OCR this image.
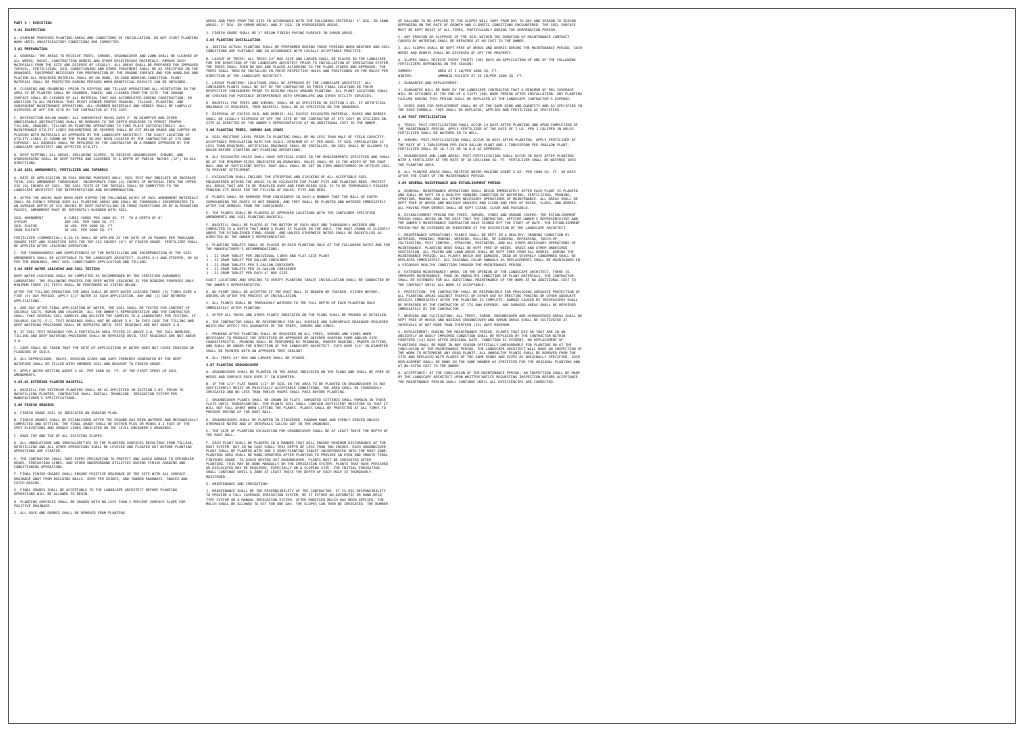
PART 3 - EXECUTION
3.01 INSPECTION
A. EXAMINE PROPOSED PLANTING AREAS AND CONDITIONS OF INSTALLATION. DO NOT START PLANTING WORK UNTIL UNSATISFACTORY CONDITIONS ARE CORRECTED.
3.02 PREPARATION
A. GENERAL: THE AREAS TO RECEIVE TREES, SHRUBS, GROUNDCOVER AND LAWN SHALL BE CLEARED OF ALL WEEDS, ROCKS, CONSTRUCTION DEBRIS AND OTHER DELETERIOUS MATERIALS. REMOVE SUCH MATERIALS FROM THE SITE AND DISPOSE OF LEGALLY. ALL AREAS SHALL BE PREPARED FOR IMPROVED TOPSOIL, FERTILIZING, SOIL CONDITIONING AND OTHER TREATMENT SHALL BE AS SPECIFIED ON THE DRAWINGS. EQUIPMENT NECESSARY FOR PREPARATION OF THE GROUND SURFACE AND FOR HANDLING AND PLACING ALL REQUIRED MATERIAL SHALL BE ON HAND, IN GOOD WORKING CONDITION. PLANT MATERIAL SHALL BE PROTECTED DURING PERIODS WHEN BENEFICIAL RESULTS CAN BE OBTAINED.
B. CLEARING AND GRUBBING: PRIOR TO RIPPING AND TILLAGE OPERATIONS ALL VEGETATION IN THE AREA TO BE PLANTED SHALL BE GRUBBED, RAKED, AND CLEARED FROM THE SITE. THE GROUND SURFACE SHALL BE CLEARED OF ALL MATERIAL THAT HAS ACCUMULATED DURING CONSTRUCTION. IN ADDITION TO ALL MATERIAL THAT MIGHT HINDER PROPER GRADING, TILLAGE, PLANTING, AND SUBSEQUENT MAINTENANCE OPERATIONS. ALL GRUBBED MATERIALS AND DEBRIS SHALL BE LAWFULLY DISPOSED OF OFF THE SITE BY THE CONTRACTOR AT ITS COST.
C. DESTRUCTION BELOW GRADE: ALL SUBSURFACE ROCKS OVER 2" IN DIAMETER AND OTHER UNDESIRABLE OBSTRUCTIONS SHALL BE REMOVED TO THE DEPTH REQUIRED TO PERMIT PROPER TILLING, GRADING, TILLING OR PLANTING OPERATIONS TO TAKE PLACE SATISFACTORILY. ALL MAINTENANCE UTILITY LINES ENCOUNTERED OR SEVERED SHALL BE CUT BELOW GRADE AND CAPPED OR PLUGGED WITH MATERIALS AS APPROVED BY THE LANDSCAPE ARCHITECT. THE EXACT LOCATION OF UTILITY LINES IS SHOWN ON THE PLANS OR MAY BEEN LOCATED BY THE CONTRACTOR AT ITS OWN EXPENSE. ALL DAMAGES SHALL BE REPAIRED BY THE CONTRACTOR IN A MANNER APPROVED BY THE LANDSCAPE ARCHITECT AND AFFECTED UTILITY.
D. DEEP RIPPING: ALL AREAS, INCLUDING SLOPES, TO RECEIVE GROUNDCOVER, SHRUBS, AND HYDROSEEDING SHALL BE DEEP RIPPED AND LOOSENED TO A DEPTH OF TWELVE INCHES (12") IN ALL DIRECTIONS.
3.03 SOIL AMENDMENTS, FERTILIZER AND TOPDRESS
A. RATE OF APPLICATION IN SOIL BORING PURPOSES ONLY, SOIL TEST MAY INDICATE OR INCREASE TOTAL SOIL AMENDMENT THROUGHOUT. INCORPORATE FOUR (4) INCHES OF MATERIAL INTO THE UPPER SIX (6) INCHES OF SOIL. THE SOIL TESTS OF THE TOPSOIL SHALL BE SUBMITTED TO THE LANDSCAPE ARCHITECT FOR INTERPRETATION AND RECOMMENDATION.
B. AFTER THE AREAS HAVE BEEN DEEP RIPPED THE FOLLOWING RATES OF SOIL AMENDMENT MATERIALS SHALL BE EVENLY SPREAD OVER ALL PLANTING AREAS AND SHALL BE THOROUGHLY INCORPORATED TO AN AVERAGE DEPTH OF SIX INCHES BY DEEP ROTOTILLING IN THREE DIRECTIONS OR BY ALTERNATING PASSES. AMENDMENT MUST BE INTIMATELY BLENDED WITH SOIL.
SOIL AMENDMENT          6 CUBIC YARDS PER 1000 SQ. FT. TO A DEPTH OF 6"
GYPSUM                  100 LBS. PER 1000 SQ. FT.
SOIL SULFUR             10 LBS. PER 1000 SQ. FT.
IRON SULFATE            10 LBS. PER 1000 SQ. FT.
FERTILIZER (COMMERCIAL) 6-20-10 SHALL BE APPLIED AT THE RATE OF 20 POUNDS PER THOUSAND SQUARE FEET AND SCARIFIED INTO THE TOP SIX INCHES (6") OF FINISH GRADE. FERTILIZER SHALL BE APPLIED AFTER LEACHING OPERATION.
C. THE THOROUGHNESS AND COMPLETENESS OF THE ROTOTILLING AND INCORPORATION OF THE SOIL AMENDMENTS SHALL BE ACCEPTABLE TO THE LANDSCAPE ARCHITECT. SLOPES 3:1 AND STEEPER, OR AS PER THE DRAWINGS, OMIT SOIL CONDITIONER APPLICATION AND TILLING.
3.04 DEEP WATER LEACHING AND SOIL TESTING
DEEP WATER LEACHING SHALL BE COMPLETED AS RECOMMENDED BY THE CERTIFIED AGRONOMIC LABORATORY. THE FOLLOWING PROCESS FOR DEEP WATER LEACHING IS FOR BIDDING PURPOSES ONLY. MINIMUM THREE (3) TESTS SHALL BE PERFORMED AS STATED BELOW.
AFTER THE TILLING OPERATION THE AREA SHALL BE DEEP WATER LEACHED THREE (3) TIMES OVER A FIVE (5) DAY PERIOD. APPLY 1/2" WATER AT EACH APPLICATION. ANY ONE (1) DAY BETWEEN APPLICATIONS.
A. ONE DAY AFTER FINAL APPLICATION OF WATER, THE SOIL SHALL BE TESTED FOR CONTENT OF SOLUBLE SALTS, BORON AND CHLORIDE. ALL THE OWNER'S REPRESENTATIVE AND THE CONTRACTOR SHALL TAKE SEVERAL SOIL SAMPLES AND DELIVER THE SAMPLES TO A LABORATORY FOR TESTING. IF SOLUBLE SALTS, E.C. TEST READINGS SHALL NOT BE ABOVE 3.0. IN THIS CASE THE TILLING AND DEEP WATERING PROCEDURE SHALL BE REPEATED UNTIL TEST READINGS ARE NOT ABOVE 3.0.
B. IF SOIL TEST READINGS FOR A PARTICULAR AREA TESTED IS ABOVE 3.0, THE SOIL WORKING, TILLING AND DEEP WATERING PROCEDURE SHALL BE REPEATED UNTIL TEST READINGS ARE NOT ABOVE 3.0.
C. CARE SHALL BE TAKEN THAT THE RATE OF APPLICATION OF WATER DOES NOT CAUSE EROSION OR FLOODING OF SOILS.
D. ALL DEPRESSIONS, HOLES, EROSION SCARS AND GAPS TRENCHES GENERATED BY THE DEEP WATERING SHALL BE FILLED WITH AMENDED SOIL AND BROUGHT TO FINISH GRADE.
E. APPLY WATER NETTING AGENT 4 OZ. PER 1000 SQ. FT. AT THE FIRST SPRAY OF SOIL AMENDMENTS.
3.05.01 EXTERIOR PLANTER BACKFILL
A. BACKFILL FOR EXTERIOR PLANTERS SHALL BE AS SPECIFIED IN SECTION 2.03. PRIOR TO BACKFILLING PLANTER, CONTRACTOR SHALL INSTALL TRUNKLINE, IRRIGATION SYSTEM PER MANUFACTURER'S SPECIFICATIONS.
3.06 FINISH GRADING
A. FINISH GRADE SOIL AS INDICATED ON GRADING PLAN.
B. FINISH GRADES SHALL BE ESTABLISHED AFTER THE GROUND HAS BEEN WATERED AND MECHANICALLY COMPACTED AND SETTLED. THE FINAL GRADE SHALL BE WITHIN PLUS OR MINUS 0.1 FOOT OF THE SPOT ELEVATIONS AND GRADES LINES INDICATED ON THE CIVIL ENGINEER'S DRAWINGS.
C. RAKE TOP AND TOE OF ALL EXISTING SLOPES.
D. ALL UNDULATIONS AND IRREGULARITIES IN THE PLANTING SURFACES RESULTING FROM TILLAGE, ROTOTILLING AND ALL OTHER OPERATIONS SHALL BE LEVELED AND FLOATED OUT BEFORE PLANTING OPERATIONS ARE STARTED.
E. THE CONTRACTOR SHALL TAKE EVERY PRECAUTION TO PROTECT AND AVOID DAMAGE TO SPRINKLER HEADS, IRRIGATION LINES, AND OTHER UNDERGROUND UTILITIES DURING FINISH GRADING AND CONDITIONING OPERATIONS.
F. FINAL FINISH GRADES SHALL ENSURE POSITIVE DRAINAGE OF THE SITE WITH ALL SURFACE DRAINAGE AWAY FROM BUILDING WALLS. OVER PER GUIDES, AND TOWARD ROADWAYS, SWALES AND CATCH BASINS.
G. FINAL GRADES SHALL BE ACCEPTABLE TO THE LANDSCAPE ARCHITECT BEFORE PLANTING OPERATIONS WILL BE ALLOWED TO BEGIN.
H. PLANTING SURFACES SHALL BE GRADED WITH NO LESS THAN 2 PERCENT SURFACE SLOPE FOR POSITIVE DRAINAGE.
I. ALL ROCK AND DEBRIS SHALL BE REMOVED FROM PLANTING
AREAS AND FREE FROM THE SITE IN ACCORDANCE WITH THE FOLLOWING CRITERIA: 1" DIA. IN LAWN AREAS; 2" DIA. IN SHRUB AREAS; AND 3" DIA. IN HYDROSEEDED AREAS.
J. FINISH GRADE SHALL BE 2" BELOW FINISH PAVING SURFACE IN SHRUB AREAS.
3.05 PLANTING INSTALLATION
A. INITIAL ACTUAL PLANTING SHALL BE PERFORMED DURING THOSE PERIODS WHEN WEATHER AND SOIL CONDITIONS ARE SUITABLE AND IN ACCORDANCE WITH LOCALLY ACCEPTABLE PRACTICE.
B. LAYOUT OF TREES: ALL TREES 24" BOX SIZE AND LARGER SHALL BE PLACED IN THE LANDSCAPE FOR THE DIRECTION OF THE LANDSCAPE ARCHITECT PRIOR TO INSTALLATION OF IRRIGATION SYSTEM. THE TREES SHALL THEN BE DUG AND PLACED ACCORDING TO THE PLANS STAKED AND APPROVED. THE TREES SHALL THEN BE INSTALLED IN THEIR RESPECTIVE HOLES AND POSITIONED IN THE HOLES PER DIRECTION OF THE LANDSCAPE ARCHITECT.
C. LAYOUT PLANTING: LOCATIONS SHALL BE APPROVED BY THE LANDSCAPE ARCHITECT. ALL CONTAINER PLANTS SHALL BE SET BY THE CONTRACTOR IN THEIR FINAL LOCATION IN THEIR RESPECTIVE CONTAINERS PRIOR TO DIGGING HOLES AROUND PLANTING. ALL PLANT LOCATIONS SHALL BE CHECKED FOR POSSIBLE INTERFERENCE WITH SPRINKLERS AND OTHER UTILITY SERVICES.
D. BACKFILL FOR TREES AND SHRUBS: SHALL BE AS SPECIFIED IN SECTION 2.05. IF ARTIFICIAL DRAINAGE IS REQUIRED, THEN BACKFILL SHALL BE AS SPECIFIED ON THE DRAWINGS.
E. DISPOSAL OF EXCESS SOIL AND DEBRIS: ALL EXCESS EXCAVATED MATERIAL, ROCKS AND DEBRIS SHALL BE LEGALLY DISPOSED OF OFF THE SITE BY THE CONTRACTOR AT ITS COST OR UTILIZED ON-SITE AS DIRECTED BY THE OWNER'S REPRESENTATIVE AT NO ADDITIONAL COST TO THE OWNER.
3.06 PLANTING TREES, SHRUBS AND VINES
A. SOIL MOISTURE LEVEL PRIOR TO PLANTING SHALL BE NO LESS THAN HALF OF FIELD CAPACITY. ACCEPTABLE PERCOLATION RATE FOR SOILS: MINIMUM OF 4" PER HOUR. IF SOIL PERCOLATION IS LESS THAN REQUIRED, ARTIFICIAL DRAINAGE SHALL BE INSTALLED. NO SOIL SHALL BE ALLOWED TO DRAIN BEFORE STARTING ANY PLANTING OPERATIONS.
B. ALL EXCAVATED HOLES SHALL HAVE VERTICAL SIDES IN THE REQUIREMENTS SPECIFIED AND SHALL BE OF THE MINIMUM SIZES INDICATED ON DRAWINGS. HOLES SHALL BE 2X THE WIDTH OF THE ROOT BALL AND OF SUFFICIENT DEPTH. ROOT BALL SHALL BE SET ON FIRM UNDISTURBED OR SETTLED SOIL TO PREVENT SETTLEMENT.
C. EXCAVATION SHALL INCLUDE THE STRIPPING AND STACKING OF ALL ACCEPTABLE SOIL ENCOUNTERED WITHIN THE AREAS TO BE EXCAVATED FOR PLANT PITS AND PLANTING BEDS. PROTECT ALL AREAS THAT ARE TO BE TRAVELED OVER AND FROM BEING SOIL IS TO BE TEMPORARILY STACKED PENDING ITS REUSE FOR THE FILLING OF HOLES, PITS AND BEDS.
D. PLANTS SHALL BE REMOVED FROM CONTAINERS IN SUCH A MANNER THAT THE BALL OF EARTH SURROUNDING THE ROOTS IS NOT BROKEN, AND THEY SHALL BE PLANTED AND WATERED IMMEDIATELY AFTER THE REMOVAL FROM THE CONTAINERS.
E. THE PLANTS SHALL BE PLANTED AT APPROVED LOCATIONS WITH THE CONTAINER SPECIFIED AMENDMENTS AND SOIL PLANTING BACKFILL.
F. BACKFILL SHALL BE PLACED AT THE BOTTOM OF EACH HOLE AND THOROUGHLY WATERED AND COMPACTED TO A DEPTH THAT WHEN A PLANT IS PLACED IN THE HOLE, THE ROOT CROWN IS SLIGHTLY ABOVE THE ESTABLISHED FINAL GRADE. AND UNLESS OTHERWISE NOTED SHALL BE BACKFILLED AS DIRECTED BY THE OWNER'S REPRESENTATIVE.
G. PLANTING TABLETS SHALL BE PLACED IN EACH PLANTING HOLE AT THE FOLLOWING RATES AND FOR THE MANUFACTURER'S RECOMMENDATIONS:
1 - 21 GRAM TABLET PER INDIVIDUAL LINER AND FLAT-SIZE PLANT
1 - 21 GRAM TABLET PER GALLON CONTAINER
3 - 21 GRAM TABLETS PER 5-GALLON CONTAINER
5 - 21 GRAM TABLETS PER 15-GALLON CONTAINER
1 - 21 GRAM TABLET PER EACH 4" BOX SIZE
EXACT LOCATIONS AND SPACING TO VERIFY PLANTING TABLET INSTALLATION SHALL BE CONDUCTED BY THE OWNER'S REPRESENTATIVE.
H. NO PLANT SHALL BE ACCEPTED IF THE ROOT BALL IS BROKEN OR CRACKED, EITHER BEFORE, DURING OR AFTER THE PROCESS OF INSTALLATION.
I. ALL PLANTS SHALL BE THOROUGHLY WATERED TO THE FULL DEPTH OF EACH PLANTING HOLE IMMEDIATELY AFTER PLANTING.
J. AFTER ALL TREES AND OTHER PLANTS INDICATED ON THE PLANS SHALL BE PRUNED AS DETAILED.
K. THE CONTRACTOR SHALL BE RESPONSIBLE FOR ALL SURFACE AND SUBSURFACE DRAINAGE REQUIRED WHICH MAY AFFECT HIS GUARANTEE OF THE TREES, SHRUBS AND VINES.
L. PRUNING AFTER PLANTING SHALL BE REQUIRED ON ALL TREES, SHRUBS AND VINES WHEN NECESSARY TO PRODUCE THE SPECIFIED OR APPROVED OR DESIRED SHAPING FORM AND/OR SIZE CHARACTERISTIC. PRUNING SHALL BE PERFORMED BY THINNING, PROPER HEADING, PROPER CUTTING, AND SHALL BE UNDER THE DIRECTION OF THE LANDSCAPE ARCHITECT. CUTS OVER 3/4" IN DIAMETER SHALL BE PAINTED WITH AN APPROVED TREE SEALANT.
M. ALL TREES 24" BOX AND LARGER SHALL BE STAKED.
3.07 PLANTING GROUNDCOVER
A. GROUNDCOVER SHALL BE PLANTED IN THE AREAS INDICATED ON THE PLANS AND SHALL BE FREE OF WEEDS AND SURFACE ROCK OVER 2" IN DIAMETER.
B. IF THE 1/2" FLAT RAKED 1/2" OF SOIL IN THE AREA TO BE PLANTED IN GROUNDCOVER IS NOT SUFFICIENTLY MOIST OR PHYSICALLY ACCEPTABLE CONDITIONS, THE AREA SHALL BE THOROUGHLY IRRIGATED AND NO LESS THAN TWELVE HOURS SHALL PASS BEFORE PLANTING.
C. GROUNDCOVER PLANTS SHALL BE GROWN IN FLATS, UNROOTED CUTTINGS SHALL REMAIN IN THOSE FLATS UNTIL TRANSPLANTING. THE PLANTS SOIL SHALL CONTAIN SUFFICIENT MOISTURE SO THAT IT WILL NOT FALL APART WHEN LIFTING THE PLANTS. PLANTS SHALL BE PROTECTED AT ALL TIMES TO PREVENT DRYING OF THE ROOT BALL.
D. GROUNDCOVERS SHALL BE PLANTED IN STAGGERED, RANDOM ROWS AND EVENLY SPACED UNLESS OTHERWISE NOTED AND AT INTERVALS CALLED OUT IN THE DRAWINGS.
E. THE SIZE OF PLANTING EXCAVATION FOR GROUNDCOVER SHALL BE AT LEAST TWICE THE DEPTH OF THE ROOT BALL.
F. EACH PLANT SHALL BE PLANTED IN A MANNER THAT WILL ENSURE MINIMUM DISTURBANCE OF THE ROOT SYSTEM. BUT IN NO CASE SHALL THIS DEPTH BE LESS THAN TWO INCHES. EACH GROUNDCOVER PLANT SHALL BE PLANTED WITH ONE 5 GRAM PLANTING TABLET INCORPORATED INTO THE ROOT ZONE. PLANTING AREA SHALL BE HAND-SMOOTHED AFTER PLANTING TO PROVIDE AN EVEN AND SMOOTH FINAL FINISHED GRADE. TO AVOID DRYING OUT GROUNDCOVER, PLANTS MUST BE IRRIGATED AFTER PLANTING. THIS MAY BE DONE MANUALLY OR THE IRRIGATION SYSTEM. PLANTS THAT HAVE PERISHED OR DISLOCATED MAY BE REQUIRED, ESPECIALLY ON A SLOPING SITE. THE INITIAL IRRIGATION SHALL CONTINUE UNTIL A ZONE AT LEAST TWICE THE DEPTH OF EACH HOLE IS THOROUGHLY MOISTENED.
G. MAINTENANCE AND IRRIGATION:
1. MAINTENANCE SHALL BE THE RESPONSIBILITY OF THE CONTRACTOR. IT IS HIS RESPONSIBILITY TO PROVIDE A FULL COVERAGE IRRIGATION SYSTEM, BE IT EITHER AN AUTOMATIC OR HAND-HELD TYPE SYSTEM OR A MANUAL IRRIGATION SYSTEM. AFTER MODIFIED MULCH HAS BEEN APPLIED, THE MULCH SHALL BE ALLOWED TO SET FOR ONE DAY. THE SLOPES CAN THEN BE IRRIGATED. THE NUMBER
OF GALLONS TO BE APPLIED TO THE SLOPES WILL VARY FROM DAY TO DAY AND SEASON TO SEASON DEPENDING ON THE RATE OF GROWTH AND CLIMATIC CONDITIONS ENCOUNTERED. THE SOIL SURFACE MUST BE KEPT MOIST AT ALL TIMES, PARTICULARLY DURING THE GERMINATION PERIOD.
2. ANY EROSION OR SLIPPAGE OF THE SOIL WITHIN THE DURATION OF MAINTENANCE CONTRACT CAUSED BY WATERING SHALL BE REPAIRED AT NO COST TO THE OWNER.
3. ALL SLOPES SHALL BE KEPT FREE OF WEEDS AND DEBRIS DURING THE MAINTENANCE PERIOD. SUCH WEEDS AND DEBRIS SHALL BE DISPOSED OF OFF THE PROPERTY.
4. SLOPES SHALL RECEIVE EVERY THIRTY (30) DAYS AN APPLICATION OF ONE OF THE FOLLOWING FERTILIZERS DEPENDING ON THE SEASON:
SUMMER:            UREA AT 1 LB/PER 1000 SQ. FT.
WINTER:            AMMONIA SULFATE AT 25 LB/PER 1000 SQ. FT.
J. GUARANTEE AND REPLACEMENT:
1. GUARANTEE WILL BE MADE BY THE LANDSCAPE CONTRACTOR THAT A MINIMUM OF 90% COVERAGE WILL BE ATTAINED AT THE END OF A SIXTY (60) WORK PERIOD AFTER INSTALLATION. ANY PLANTING FAILURE DURING THIS PERIOD SHALL BE REPLACED AT THE LANDSCAPE CONTRACTOR'S EXPENSE.
2. SEEDS USED FOR REPLACEMENT SHALL BE OF THE SAME KIND AND QUANTITY AND AS SPECIFIED IN THE SEED FORMULA. THEY SHALL BE REPLACED, APPLIED AND FERTILIZED AS SPECIFIED.
3.08 POST FERTILIZATION
A. TREES: POST-FERTILIZATION SHALL OCCUR 14 DAYS AFTER PLANTING AND UPON COMPLETION OF THE MAINTENANCE PERIOD. APPLY FERTILIZER AT THE RATE OF 1 LB. PER 1 CALIPER IN HOLES FERTILIZER SHALL BE WATERED IN TO WELL.
B. SHRUBS: POST-FERTILIZATION SHALL OCCUR 30 DAYS AFTER PLANTING. APPLY FERTILIZER AT THE RATE OF 1 TABLESPOON PER EACH GALLON PLANT AND 1 TABLESPOON PER SHALLOW PLANT. FERTILIZER SHALL BE 16-7-25 OR 16-6-8 AS APPROVED.
C. GROUNDCOVER AND LAWN AREAS: POST-FERTILIZATION SHALL OCCUR 30 DAYS AFTER PLANTING WITH A FERTILIZER AT THE RATE OF 10 LBS/1000 SQ. FT. FERTILIZER SHALL BE WATERED INTO THE PLANTING AREA.
D. ALL PLANTED AREAS SHALL RECEIVE WATER HOLDING AGENT 5 OZ. PER 1000 SQ. FT. 40 DAYS AFTER THE START OF THE MAINTENANCE PERIOD.
3.09 GENERAL MAINTENANCE AND ESTABLISHMENT PERIOD
A. GENERAL: MAINTENANCE OPERATIONS SHALL BEGIN IMMEDIATELY AFTER EACH PLANT IS PLANTED AND SHALL BE KEPT IN A HEALTHY GROWING CONDITION BY WATERING, FERTILIZING, PRUNING, SPRAYING, MOWING AND ALL OTHER NECESSARY OPERATIONS OF MAINTENANCE. ALL AREAS SHALL BE KEPT FREE OF WEEDS AND NOXIOUS GRASSES AND CLEAN AND FREE OF ROCKS, CLODS, AND DEBRIS. ALL PAVING FROM DEBRIS SHALL BE KEPT CLEAN, CLEAR AND PASSABLE.
B. ESTABLISHMENT PERIOD FOR TREES, SHRUBS, VINES AND GROUND COVERS: THE ESTABLISHMENT PERIOD SHALL BEGIN ON THE DATE THAT THE CONTRACTOR, OFFICER OWNER'S REPRESENTATIVE AND THE OWNER'S MAINTENANCE CONTRACTOR HAVE SIGNED OFF THE START UP DATE. THE ESTABLISHMENT PERIOD MAY BE EXTENDED OR SHORTENED AT THE DISCRETION OF THE LANDSCAPE ARCHITECT.
C. MAINTENANCE OPERATIONS: PLANTS SHALL BE KEPT IN A HEALTHY, GROWING CONDITION BY WATERING, PRUNING, MOWING, WEEDING, ROLLING, RE-SODDING, REPAIRING, TOUCH-UP, CULTIVATING, PEST CONTROL, SPRAYING, RESTAKING, AND ALL OTHER NECESSARY OPERATIONS OF MAINTENANCE. PLANTING BEDS SHALL BE KEPT FREE OF WEEDS. GRASS AND OTHER UNDESIRED VEGETATION. ALL PAVING AND LAWN AREAS SHALL BE KEPT FREE FROM ALL DEBRIS. DURING THE MAINTENANCE PERIOD, ALL PLANTS WHICH ARE DAMAGED, DEAD OR SEVERELY CONDEMNED SHALL BE REPLACED IMMEDIATELY. ALL SEASONAL COLOR ANNUALS AS REPLACEMENTS SHALL BE MAINTAINED IN A VIGOROUS HEALTHY CONDITION THROUGH THE MAINTENANCE PERIOD.
D. EXTENDED MAINTENANCE: WHEN, IN THE OPINION OF THE LANDSCAPE ARCHITECT, THERE IS IMPROPER MAINTENANCE, POOR OR UNHEALTHY CONDITION OF PLANT MATERIALS, THE CONTRACTOR SHALL BE EXTENDED FOR ALL ADDITIONAL MAINTENANCE OF THE WORK AT NO ADDITIONAL COST TO THE CONTRACT UNTIL ALL WORK IS ACCEPTABLE.
E. PROTECTION: THE CONTRACTOR SHALL BE RESPONSIBLE FOR PROVIDING ADEQUATE PROTECTION OF ALL PLANTING AREAS AGAINST TRAFFIC OR OTHER USE BY ERECTING FENCING OR OTHER ADEQUATE DEVICES IMMEDIATELY AFTER THE PLANTING IS COMPLETE. DAMAGE CAUSED BY TRESPASSERS SHALL BE REPAIRED BY THE CONTRACTOR AT ITS OWN EXPENSE. ANY DAMAGED AREAS SHALL BE REPAIRED IMMEDIATELY BY THE CONTRACTOR.
F. WEEDING AND CULTIVATING: ALL TREES, SHRUB, GROUNDCOVER AND HYDROSEEDED AREAS SHALL BE KEPT FREE OF WEEDS AND NOXIOUS GROUNDCOVER AND SHRUB AREAS SHALL BE CULTIVATED AT INTERVALS OF NOT MORE THAN THIRTEEN (13) DAYS MINIMUM.
G. REPLACEMENT: DURING THE MAINTENANCE PERIOD, PLANTS THAT DIE OR THAT ARE IN AN UNSIGHTLY OR BADLY IMPAIRED CONDITION SHALL BE REPLACED BY THE CONTRACTOR WITHIN FOURTEEN (14) DAYS AFTER ORIGINAL DATE. CONDITION IS EVIDENT. NO REPLACEMENT OF PLANTINGS SHALL BE MADE IN ANY SEASON OFFICIALLY UNFAVORABLE FOR PLANTING OR AT THE CONCLUSION OF THE MAINTENANCE PERIOD. THE LANDSCAPE ARCHITECT WILL MAKE AN INSPECTION OF THE WORK TO DETERMINE ANY DEAD PLANTS. ALL UNHEALTHY PLANTS SHALL BE REMOVED FROM THE SITE AND REPLACED WITH PLANTS OF THE SAME KINDS AND SIZES AS ORIGINALLY SPECIFIED. SUCH REPLACEMENT SHALL BE DONE IN THE SAME MANNER AS SPECIFIED FOR THE ORIGINAL PLANTING AND AT NO EXTRA COST TO THE OWNER.
H. ACCEPTANCE: AT THE CONCLUSION OF THE MAINTENANCE PERIOD, AN INSPECTION SHALL BE MADE BY THE LANDSCAPE ARCHITECT UPON WRITTEN NOTICE REQUESTING INSPECTION BEFORE ACCEPTANCE. THE MAINTENANCE PERIOD SHALL CONTINUE UNTIL ALL DEFICIENCIES ARE CORRECTED.
